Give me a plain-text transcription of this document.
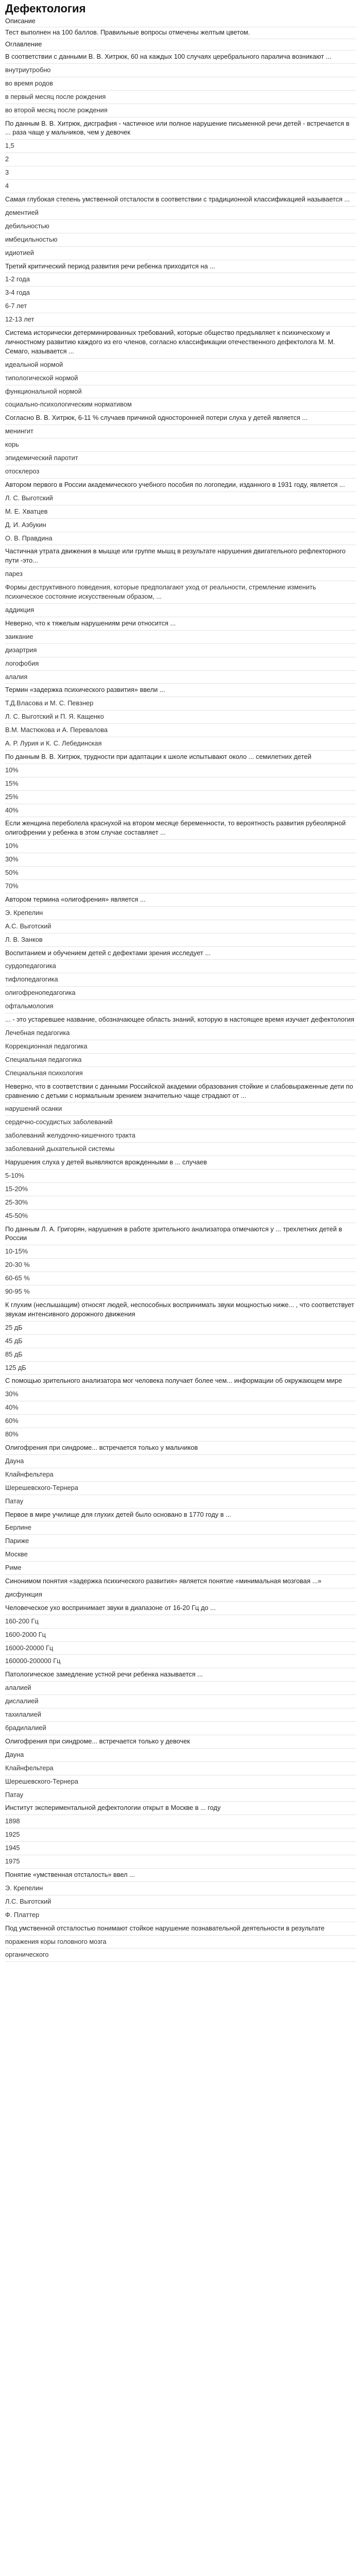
Дефектология
Описание
Тест выполнен на 100 баллов. Правильные вопросы отмечены желтым цветом.
Оглавление
В соответствии с данными В. В. Хитрюк, 60 на каждых 100 случаях церебрального паралича возникают ...
внутриутробно
во время родов
в первый месяц после рождения
во второй месяц после рождения
По данным В. В. Хитрюк, дисграфия - частичное или полное нарушение письменной речи детей - встречается в ... раза чаще у мальчиков, чем у девочек
1,5
2
3
4
Самая глубокая степень умственной отсталости в соответствии с традиционной классификацией называется ...
дементией
дебильностью
имбецильностью
идиотией
Третий критический период развития речи ребенка приходится на ...
1-2 года
3-4 года
6-7 лет
12-13 лет
Система исторически детерминированных требований, которые общество предъявляет к психическому и личностному развитию каждого из его членов, согласно классификации отечественного дефектолога М. М. Семаго, называется ...
идеальной нормой
типологической нормой
функциональной нормой
социально-психологическим нормативом
Согласно В. В. Хитрюк, 6-11 % случаев причиной односторонней потери слуха у детей является ...
менингит
корь
эпидемический паротит
отосклероз
Автором первого в России академического учебного пособия по логопедии, изданного в 1931 году, является ...
Л. С. Выготский
М. Е. Хватцев
Д. И. Азбукин
О. В. Правдина
Частичная утрата движения в мышце или группе мышц в результате нарушения двигательного рефлекторного пути -это...
парез
Формы деструктивного поведения, которые предполагают уход от реальности, стремление изменить психическое состояние искусственным образом, ...
аддикция
Неверно, что к тяжелым нарушениям речи относится ...
заикание
дизартрия
логофобия
алалия
Термин «задержка психического развития» ввели ...
Т.Д.Власова и М. С. Певзнер
Л. С. Выготский и П. Я. Кащенко
В.М. Мастюкова и А. Перевалова
А. Р. Лурия и К. С. Лебединская
По данным В. В. Хитрюк, трудности при адаптации к школе испытывают около ... семилетних детей
10%
15%
25%
40%
Если женщина переболела краснухой на втором месяце беременности, то вероятность развития рубеолярной олигофрении у ребенка в этом случае составляет ...
10%
30%
50%
70%
Автором термина «олигофрения» является ...
Э. Крепелин
А.С. Выготский
Л. В. Занков
Воспитанием и обучением детей с дефектами зрения исследует ...
сурдопедагогика
тифлопедагогика
олигофренопедагогика
офтальмология
... - это устаревшее название, обозначающее область знаний, которую в настоящее время изучает дефектология
Лечебная педагогика
Коррекционная педагогика
Специальная педагогика
Специальная психология
Неверно, что в соответствии с данными Российской академии образования стойкие и слабовыраженные дети по сравнению с детьми с нормальным зрением значительно чаще страдают от ...
нарушений осанки
сердечно-сосудистых заболеваний
заболеваний желудочно-кишечного тракта
заболеваний дыхательной системы
Нарушения слуха у детей выявляются врожденными в ... случаев
5-10%
15-20%
25-30%
45-50%
По данным Л. А. Григорян, нарушения в работе зрительного анализатора отмечаются у ... трехлетних детей в России
10-15%
20-30 %
60-65 %
90-95 %
К глухим (неслышащим) относят людей, неспособных воспринимать звуки мощностью ниже... , что соответствует звукам интенсивного дорожного движения
25 дБ
45 дБ
85 дБ
125 дБ
С помощью зрительного анализатора мог человека получает более чем... информации об окружающем мире
30%
40%
60%
80%
Олигофрения при синдроме... встречается только у мальчиков
Дауна
Клайнфельтера
Шерешевского-Тернера
Патау
Первое в мире училище для глухих детей было основано в 1770 году в ...
Берлине
Париже
Москве
Риме
Синонимом понятия «задержка психического развития» является понятие «минимальная мозговая ...»
дисфункция
Человеческое ухо воспринимает звуки в диапазоне от 16-20 Гц до ...
160-200 Гц
1600-2000 Гц
16000-20000 Гц
160000-200000 Гц
Патологическое замедление устной речи ребенка называется ...
алалией
дислалией
тахилалией
брадилалией
Олигофрения при синдроме... встречается только у девочек
Дауна
Клайнфельтера
Шерешевского-Тернера
Патау
Институт экспериментальной дефектологии открыт в Москве в ... году
1898
1925
1945
1975
Понятие «умственная отсталость» ввел ...
Э. Крепелин
Л.С. Выготский
Ф. Платтер
Под умственной отсталостью понимают стойкое нарушение познавательной деятельности в результате
поражения коры головного мозга
органического
